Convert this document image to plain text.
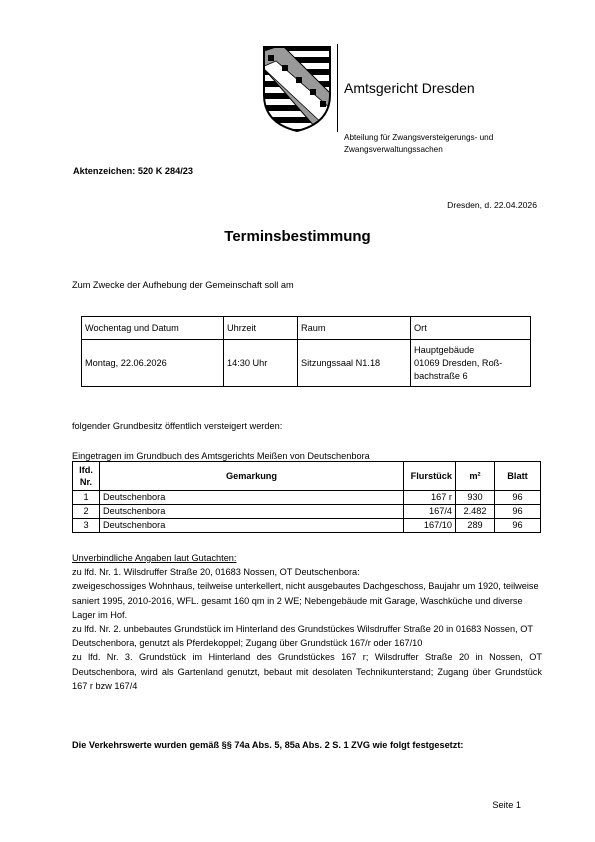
Amtsgericht Dresden
Abteilung für Zwangsversteigerungs- und Zwangsverwaltungssachen
Aktenzeichen: 520 K 284/23
Dresden, d. 22.04.2026
Terminsbestimmung
Zum Zwecke der Aufhebung der Gemeinschaft soll am
Wochentag und Datum	Uhrzeit	Raum	Ort
Montag, 22.06.2026	14:30 Uhr	Sitzungssaal N1.18	Hauptgebäude
01069 Dresden, Roß-
bachstraße 6
folgender Grundbesitz öffentlich versteigert werden:
Eingetragen im Grundbuch des Amtsgerichts Meißen von Deutschenbora
lfd.
Nr.	Gemarkung	Flurstück	m²	Blatt
1	Deutschenbora	167 r	930	96
2	Deutschenbora	167/4	2.482	96
3	Deutschenbora	167/10	289	96
Unverbindliche Angaben laut Gutachten:
zu lfd. Nr. 1. Wilsdruffer Straße 20, 01683 Nossen, OT Deutschenbora:
zweigeschossiges Wohnhaus, teilweise unterkellert, nicht ausgebautes Dachgeschoss, Baujahr um 1920, teilweise saniert 1995, 2010-2016, WFL. gesamt 160 qm in 2 WE; Nebengebäude mit Garage, Waschküche und diverse Lager im Hof.
zu lfd. Nr. 2. unbebautes Grundstück im Hinterland des Grundstückes Wilsdruffer Straße 20 in 01683 Nossen, OT Deutschenbora, genutzt als Pferdekoppel; Zugang über Grundstück 167/r oder 167/10
zu lfd. Nr. 3. Grundstück im Hinterland des Grundstückes 167 r; Wilsdruffer Straße 20 in Nossen, OT Deutschenbora, wird als Gartenland genutzt, bebaut mit desolaten Technikunterstand; Zugang über Grundstück 167 r bzw 167/4
Die Verkehrswerte wurden gemäß §§ 74a Abs. 5, 85a Abs. 2 S. 1 ZVG wie folgt festgesetzt:
Seite 1
